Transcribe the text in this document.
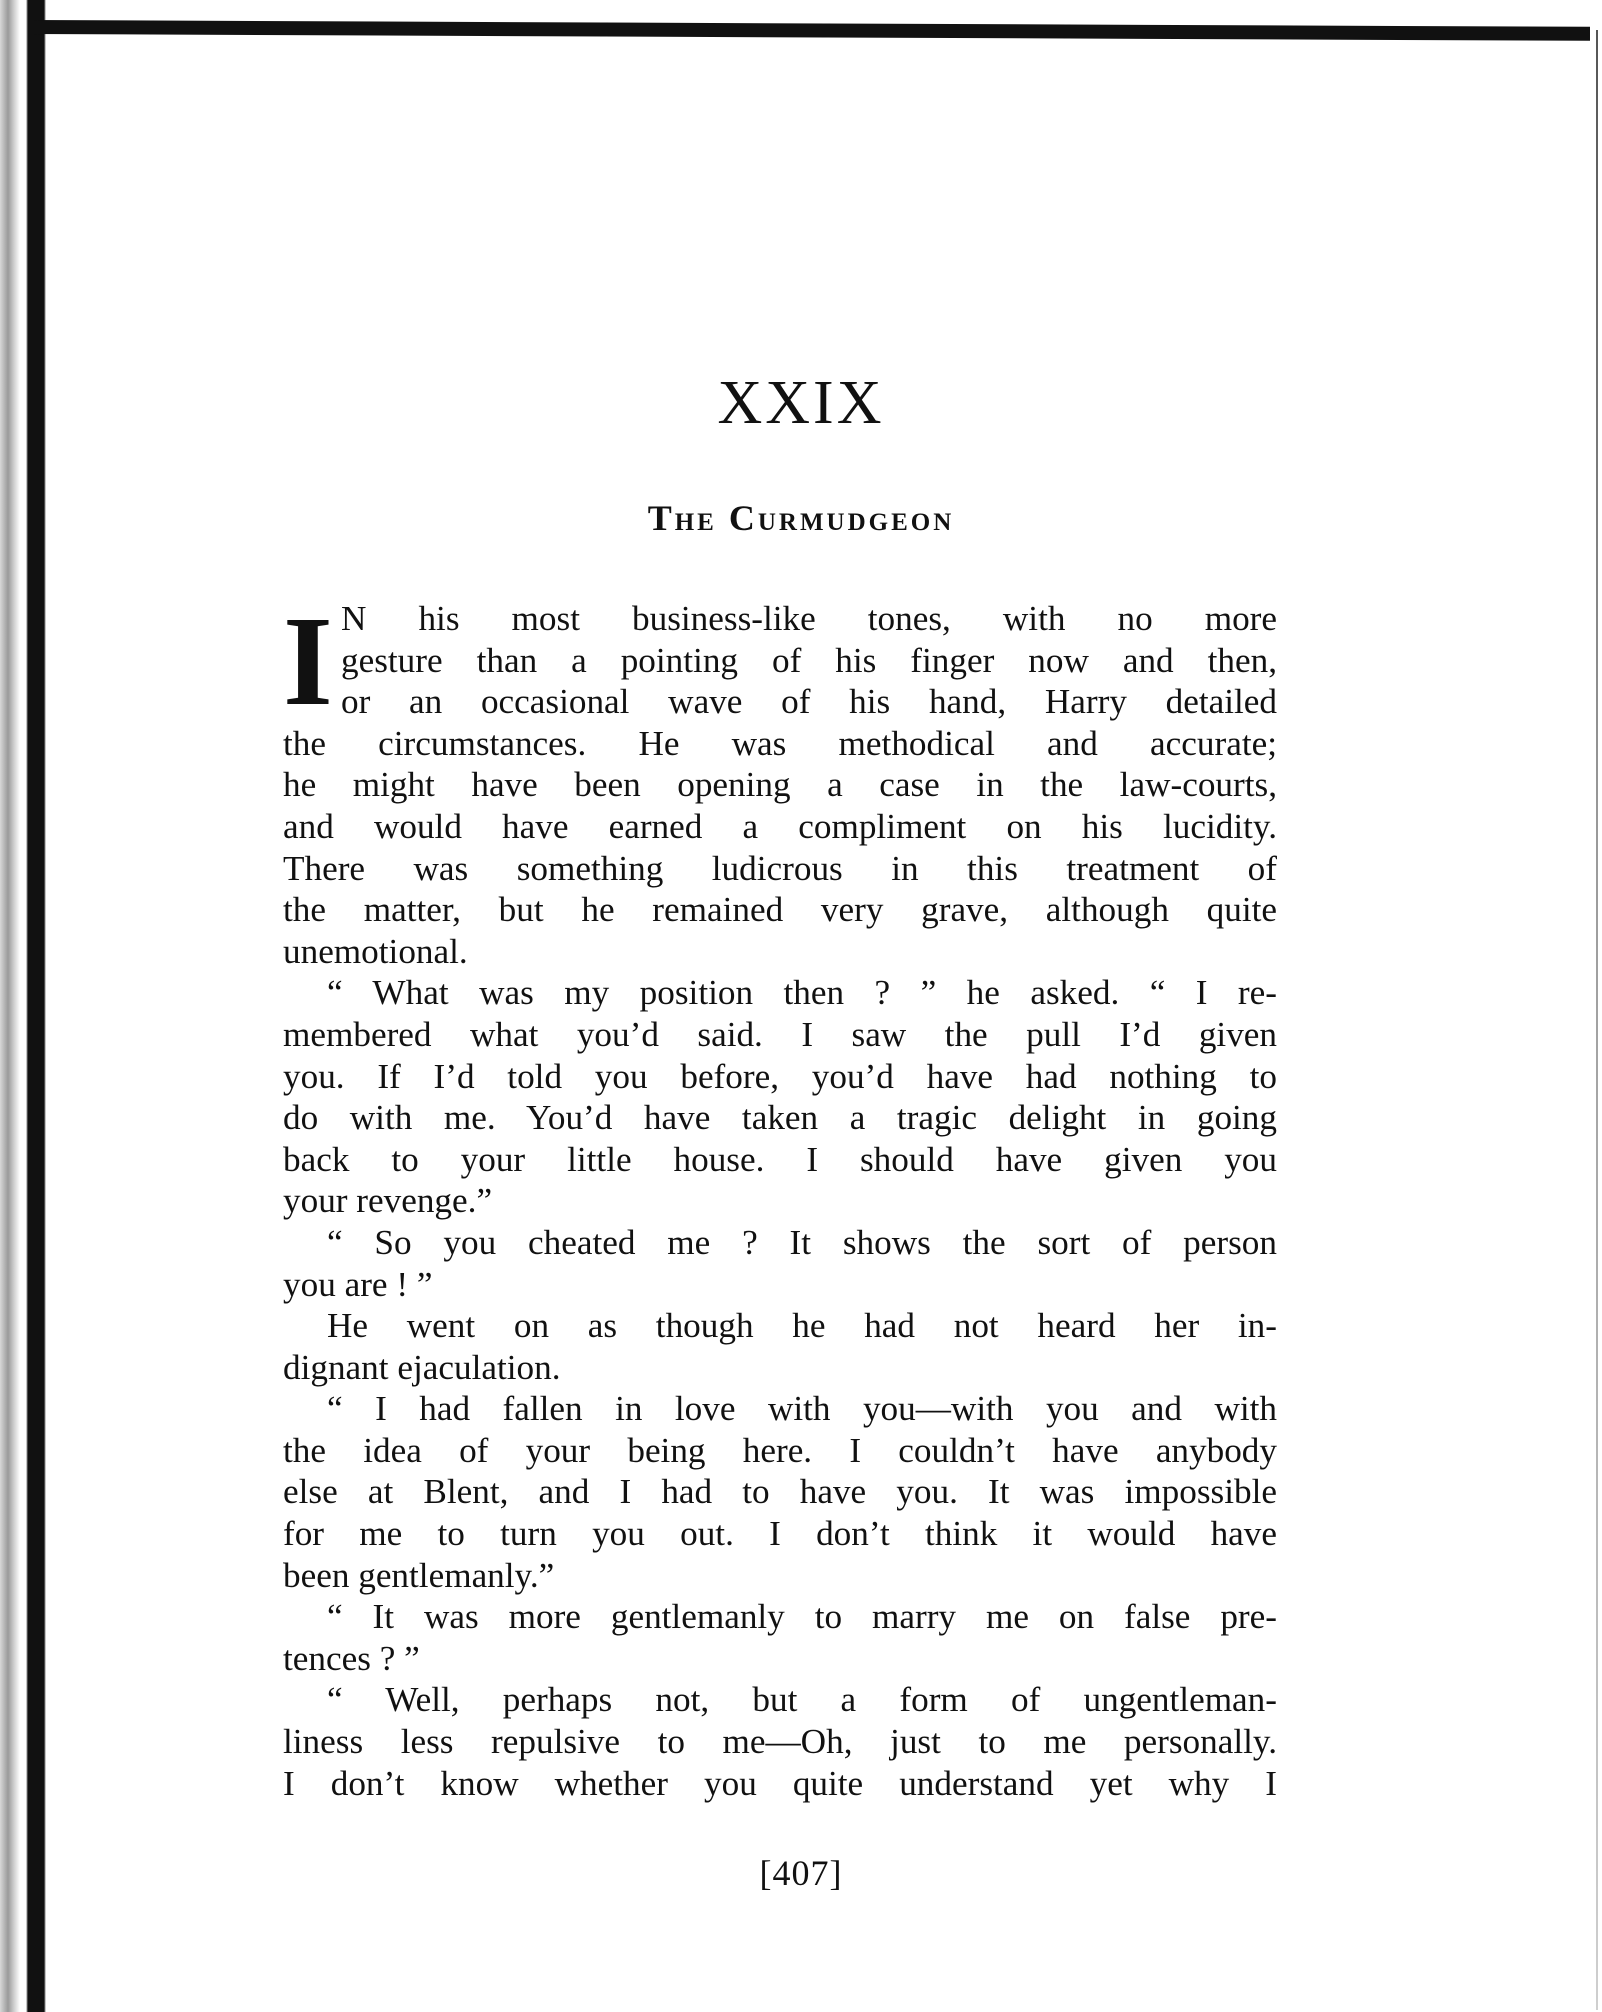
XXIX
The Curmudgeon
I N his most business-like tones, with no more
gesture than a pointing of his finger now and then,
or an occasional wave of his hand, Harry detailed
the circumstances. He was methodical and accurate;
he might have been opening a case in the law-courts,
and would have earned a compliment on his lucidity.
There was something ludicrous in this treatment of
the matter, but he remained very grave, although quite
unemotional.
“ What was my position then ? ” he asked. “ I re-
membered what you’d said. I saw the pull I’d given
you. If I’d told you before, you’d have had nothing to
do with me. You’d have taken a tragic delight in going
back to your little house. I should have given you
your revenge.”
“ So you cheated me ? It shows the sort of person
you are ! ”
He went on as though he had not heard her in-
dignant ejaculation.
“ I had fallen in love with you—with you and with
the idea of your being here. I couldn’t have anybody
else at Blent, and I had to have you. It was impossible
for me to turn you out. I don’t think it would have
been gentlemanly.”
“ It was more gentlemanly to marry me on false pre-
tences ? ”
“ Well, perhaps not, but a form of ungentleman-
liness less repulsive to me—Oh, just to me personally.
I don’t know whether you quite understand yet why I
[407]
